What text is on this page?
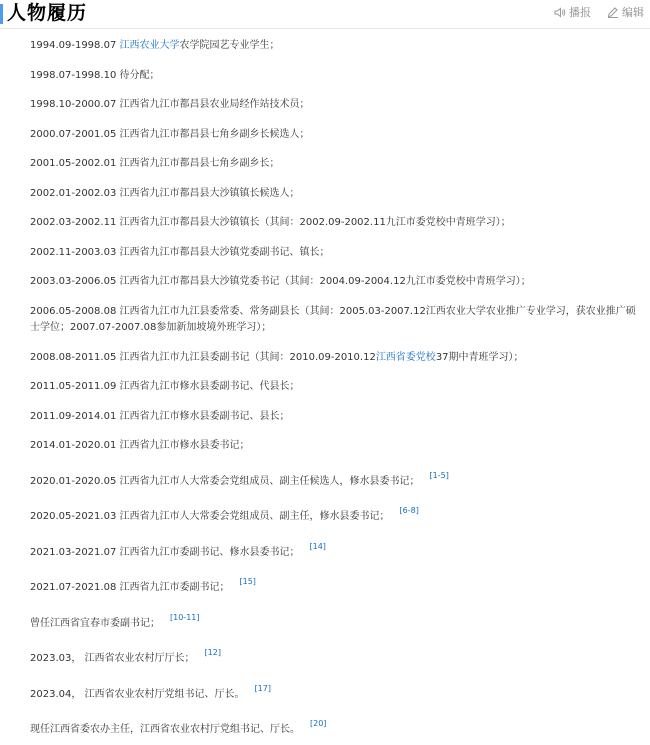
人物履历	播报	编辑

1994.09-1998.07 江西农业大学农学院园艺专业学生；

1998.07-1998.10 待分配；

1998.10-2000.07 江西省九江市都昌县农业局经作站技术员；

2000.07-2001.05 江西省九江市都昌县七角乡副乡长候选人；

2001.05-2002.01 江西省九江市都昌县七角乡副乡长；

2002.01-2002.03 江西省九江市都昌县大沙镇镇长候选人；

2002.03-2002.11 江西省九江市都昌县大沙镇镇长（其间：2002.09-2002.11九江市委党校中青班学习）；

2002.11-2003.03 江西省九江市都昌县大沙镇党委副书记、镇长；

2003.03-2006.05 江西省九江市都昌县大沙镇党委书记（其间：2004.09-2004.12九江市委党校中青班学习）；

2006.05-2008.08 江西省九江市九江县委常委、常务副县长（其间：2005.03-2007.12江西农业大学农业推广专业学习，获农业推广硕士学位；2007.07-2007.08参加新加坡境外班学习）；

2008.08-2011.05 江西省九江市九江县委副书记（其间：2010.09-2010.12江西省委党校37期中青班学习）；

2011.05-2011.09 江西省九江市修水县委副书记、代县长；

2011.09-2014.01 江西省九江市修水县委副书记、县长；

2014.01-2020.01 江西省九江市修水县委书记；

2020.01-2020.05 江西省九江市人大常委会党组成员、副主任候选人，修水县委书记；[1-5]

2020.05-2021.03 江西省九江市人大常委会党组成员、副主任，修水县委书记；[6-8]

2021.03-2021.07 江西省九江市委副书记、修水县委书记；[14]

2021.07-2021.08 江西省九江市委副书记；[15]

曾任江西省宜春市委副书记；[10-11]

2023.03， 江西省农业农村厅厅长；[12]

2023.04， 江西省农业农村厅党组书记、厅长。[17]

现任江西省委农办主任，江西省农业农村厅党组书记、厅长。[20]
